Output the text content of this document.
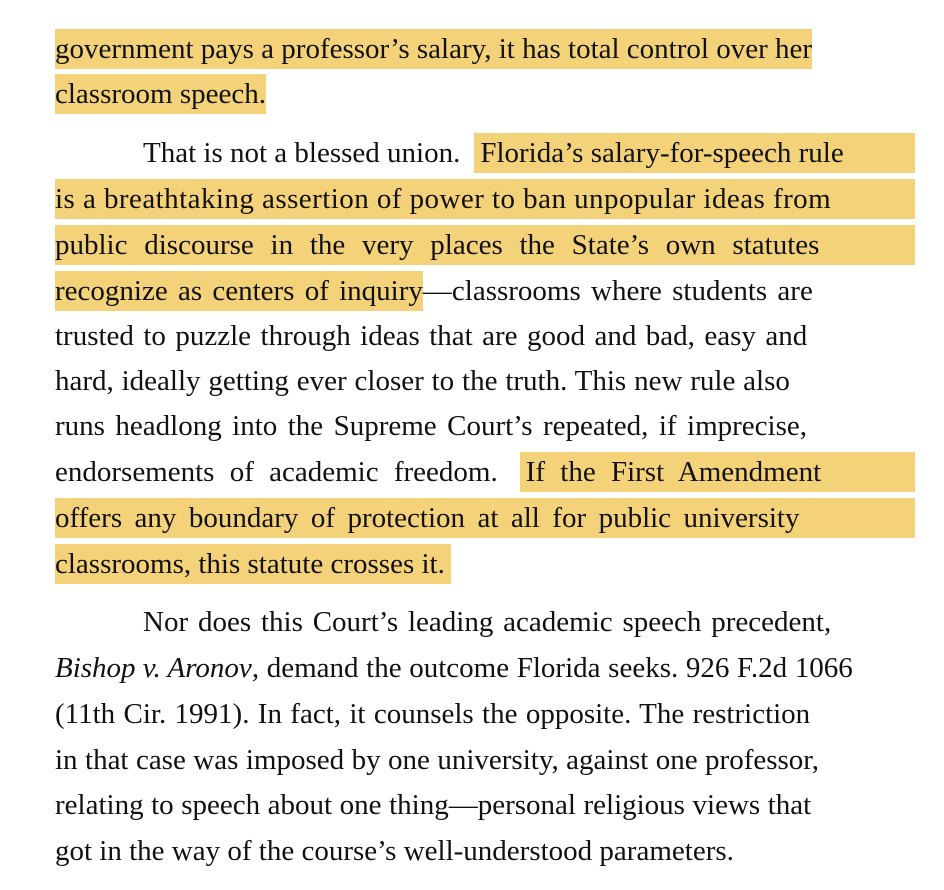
government pays a professor’s salary, it has total control over her
classroom speech.
That is not a blessed union. Florida’s salary-for-speech rule
is a breathtaking assertion of power to ban unpopular ideas from
public discourse in the very places the State’s own statutes
recognize as centers of inquiry —classrooms where students are
trusted to puzzle through ideas that are good and bad, easy and
hard, ideally getting ever closer to the truth. This new rule also
runs headlong into the Supreme Court’s repeated, if imprecise,
endorsements of academic freedom. If the First Amendment
offers any boundary of protection at all for public university
classrooms, this statute crosses it.
Nor does this Court’s leading academic speech precedent,
Bishop v. Aronov , demand the outcome Florida seeks. 926 F.2d 1066
(11th Cir. 1991). In fact, it counsels the opposite. The restriction
in that case was imposed by one university, against one professor,
relating to speech about one thing—personal religious views that
got in the way of the course’s well-understood parameters.
